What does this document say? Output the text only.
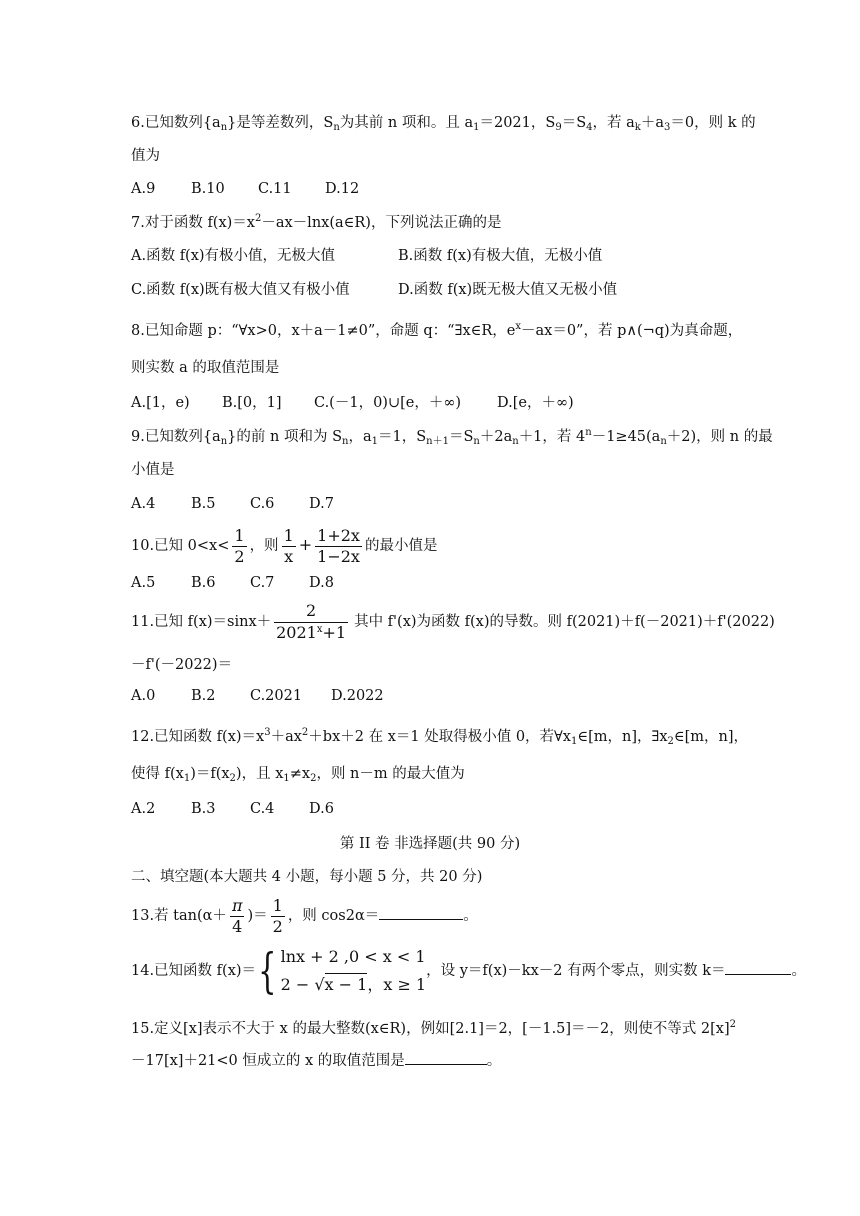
6.已知数列$\{a_n\}$是等差数列，$S_n$为其前 n 项和。且 $a_1=2021$，$S_9=S_4$，若 $a_k+a_3=0$，则 k 的
值为
A.9 B.10 C.11 D.12
7.对于函数 $f(x)=x^2-ax-\ln x(a\in R)$，下列说法正确的是
A.函数 f(x)有极小值，无极大值	B.函数 f(x)有极大值，无极小值
C.函数 f(x)既有极大值又有极小值	D.函数 f(x)既无极大值又无极小值
8.已知命题 p：“∀x>0，x＋a－1≠0”，命题 q：“∃x∈R，$e^x-ax=0$”，若 p∧(¬q)为真命题，
则实数 a 的取值范围是
A.[1，e) B.[0，1] C.(－1，0)∪[e，＋∞) D.[e，＋∞)
9.已知数列$\{a_n\}$的前 n 项和为 $S_n$，$a_1=1$，$S_{n+1}=S_n+2a_n+1$，若 $4^n-1\ge 45(a_n+2)$，则 n 的最
小值是
A.4 B.5 C.6 D.7
10.已知 $0<x< \frac{1}{2}$ ，则 $\frac{1}{x} + \frac{1+2x}{1-2x}$ 的最小值是
A.5 B.6 C.7 D.8
11.已知 $f(x)=\sin x+ \frac{2}{2021^x+1}$ 其中 f'(x)为函数 f(x)的导数。则 f(2021)＋f(－2021)＋f'(2022)
－f'(－2022)＝
A.0 B.2 C.2021 D.2022
12.已知函数 $f(x)=x^3+ax^2+bx+2$ 在 x＝1 处取得极小值 0，若$\forall x_1\in[m$，n]，$\exists x_2\in[m$，n]，
使得 $f(x_1)=f(x_2)$，且 $x_1\ne x_2$，则 n－m 的最大值为
A.2 B.3 C.4 D.6
第 II 卷 非选择题(共 90 分)
二、填空题(本大题共 4 小题，每小题 5 分，共 20 分)
13.若 $\tan(\alpha+ \frac{\pi}{4}$ )＝ $\frac{1}{2}$ ，则 cos2α＝	。
14.已知函数 f(x)＝{ lnx + 2 ,0 < x < 1
2 − √x − 1，x ≥ 1
，设 y＝f(x)－kx－2 有两个零点，则实数 k＝	。
15.定义[x]表示不大于 x 的最大整数(x∈R)，例如[2.1]＝2，[－1.5]＝－2，则使不等式 $2[x]^2$
－17[x]＋21<0 恒成立的 x 的取值范围是	。
